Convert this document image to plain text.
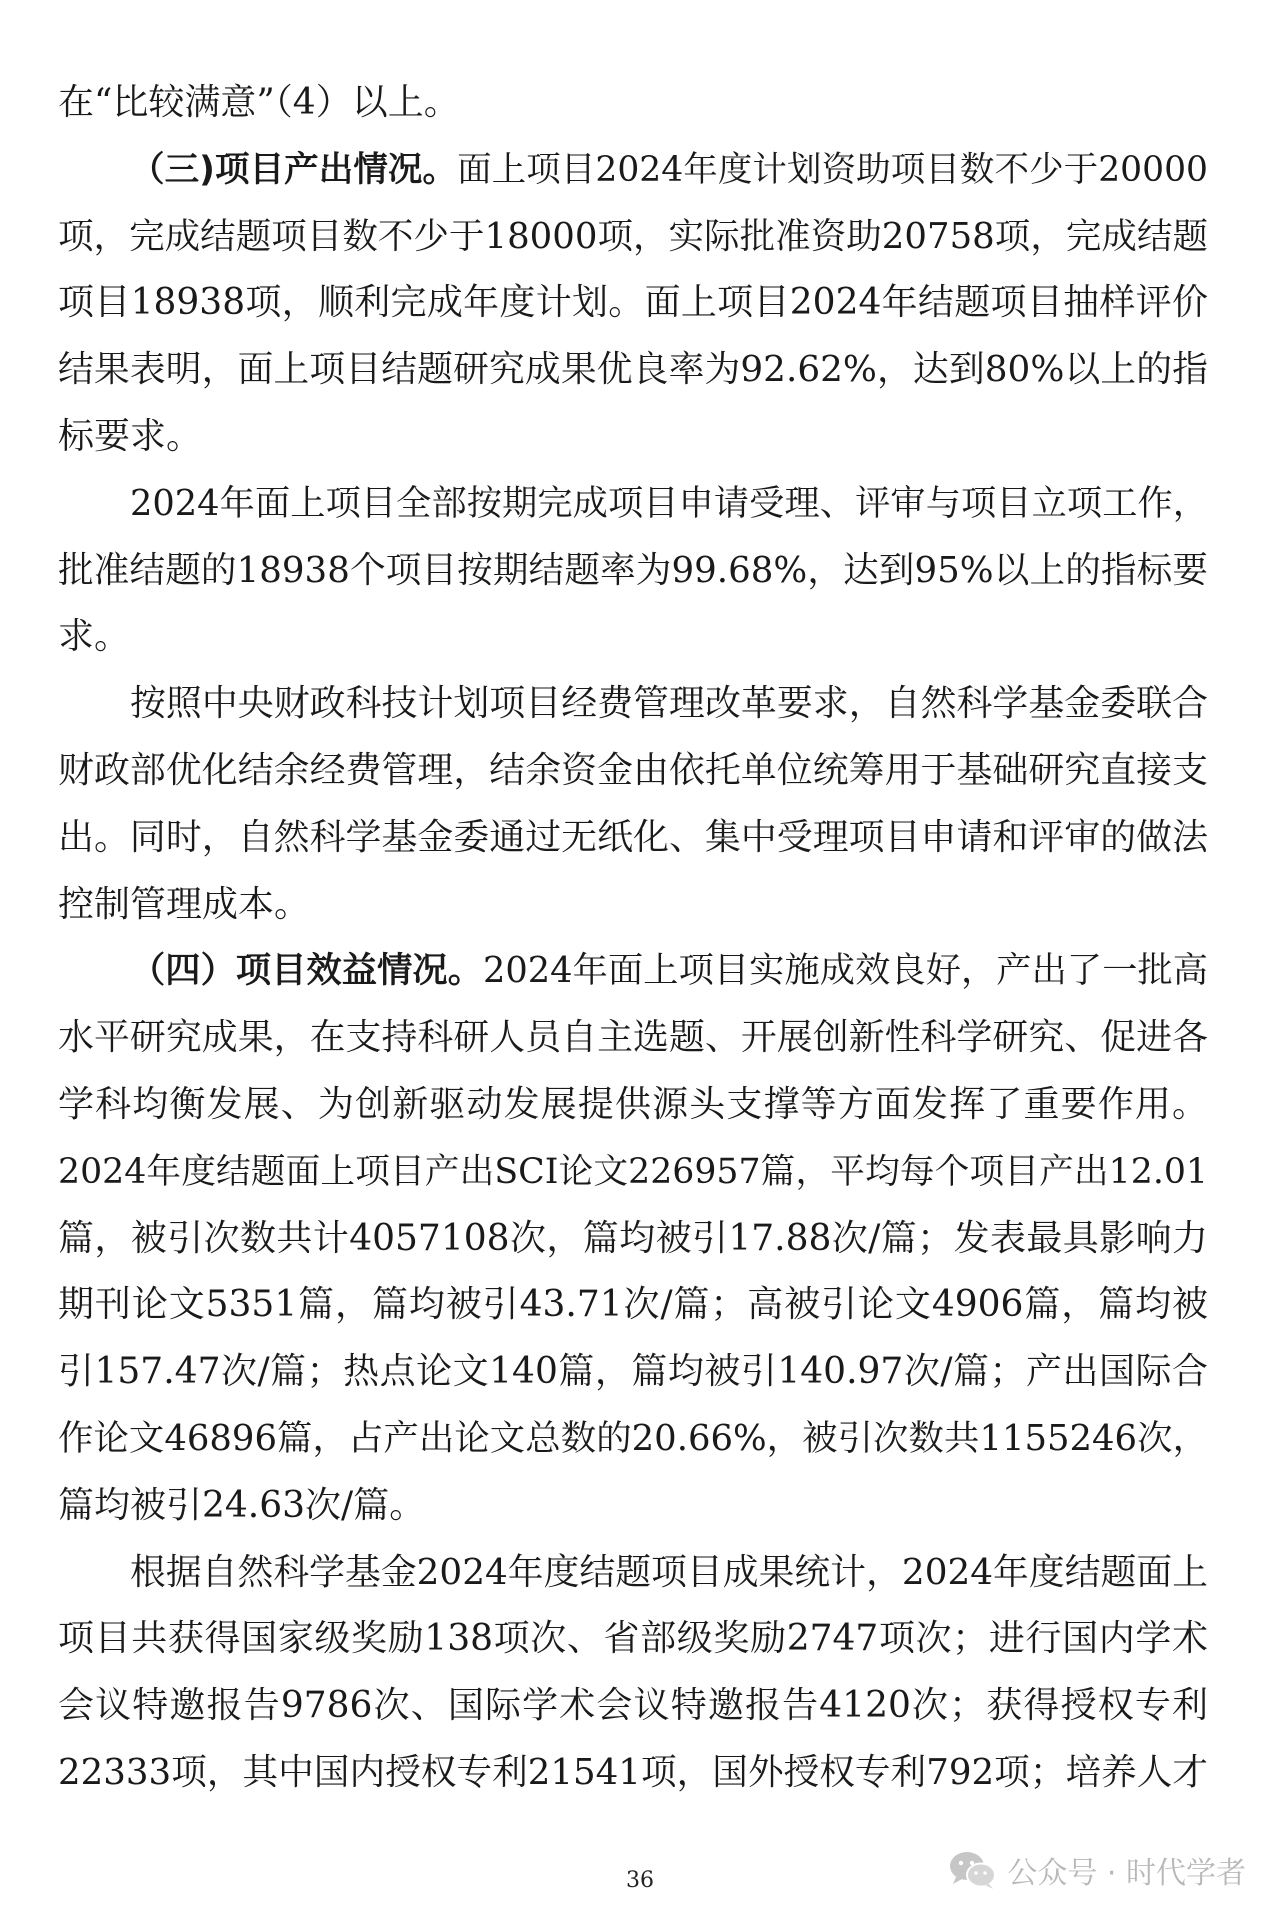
在“比较满意”（4）以上。
（三)项目产出情况。面上项目2024年度计划资助项目数不少于20000
项，完成结题项目数不少于18000项，实际批准资助20758项，完成结题
项目18938项，顺利完成年度计划。面上项目2024年结题项目抽样评价
结果表明，面上项目结题研究成果优良率为92.62%，达到80%以上的指
标要求。
2024年面上项目全部按期完成项目申请受理、评审与项目立项工作，
批准结题的18938个项目按期结题率为99.68%，达到95%以上的指标要
求。
按照中央财政科技计划项目经费管理改革要求，自然科学基金委联合
财政部优化结余经费管理，结余资金由依托单位统筹用于基础研究直接支
出。同时，自然科学基金委通过无纸化、集中受理项目申请和评审的做法
控制管理成本。
（四）项目效益情况。2024年面上项目实施成效良好，产出了一批高
水平研究成果，在支持科研人员自主选题、开展创新性科学研究、促进各
学科均衡发展、为创新驱动发展提供源头支撑等方面发挥了重要作用。
2024年度结题面上项目产出SCI论文226957篇，平均每个项目产出12.01
篇，被引次数共计4057108次，篇均被引17.88次/篇；发表最具影响力
期刊论文5351篇，篇均被引43.71次/篇；高被引论文4906篇，篇均被
引157.47次/篇；热点论文140篇，篇均被引140.97次/篇；产出国际合
作论文46896篇，占产出论文总数的20.66%，被引次数共1155246次，
篇均被引24.63次/篇。
根据自然科学基金2024年度结题项目成果统计，2024年度结题面上
项目共获得国家级奖励138项次、省部级奖励2747项次；进行国内学术
会议特邀报告9786次、国际学术会议特邀报告4120次；获得授权专利
22333项，其中国内授权专利21541项，国外授权专利792项；培养人才
36	公众号 · 时代学者
